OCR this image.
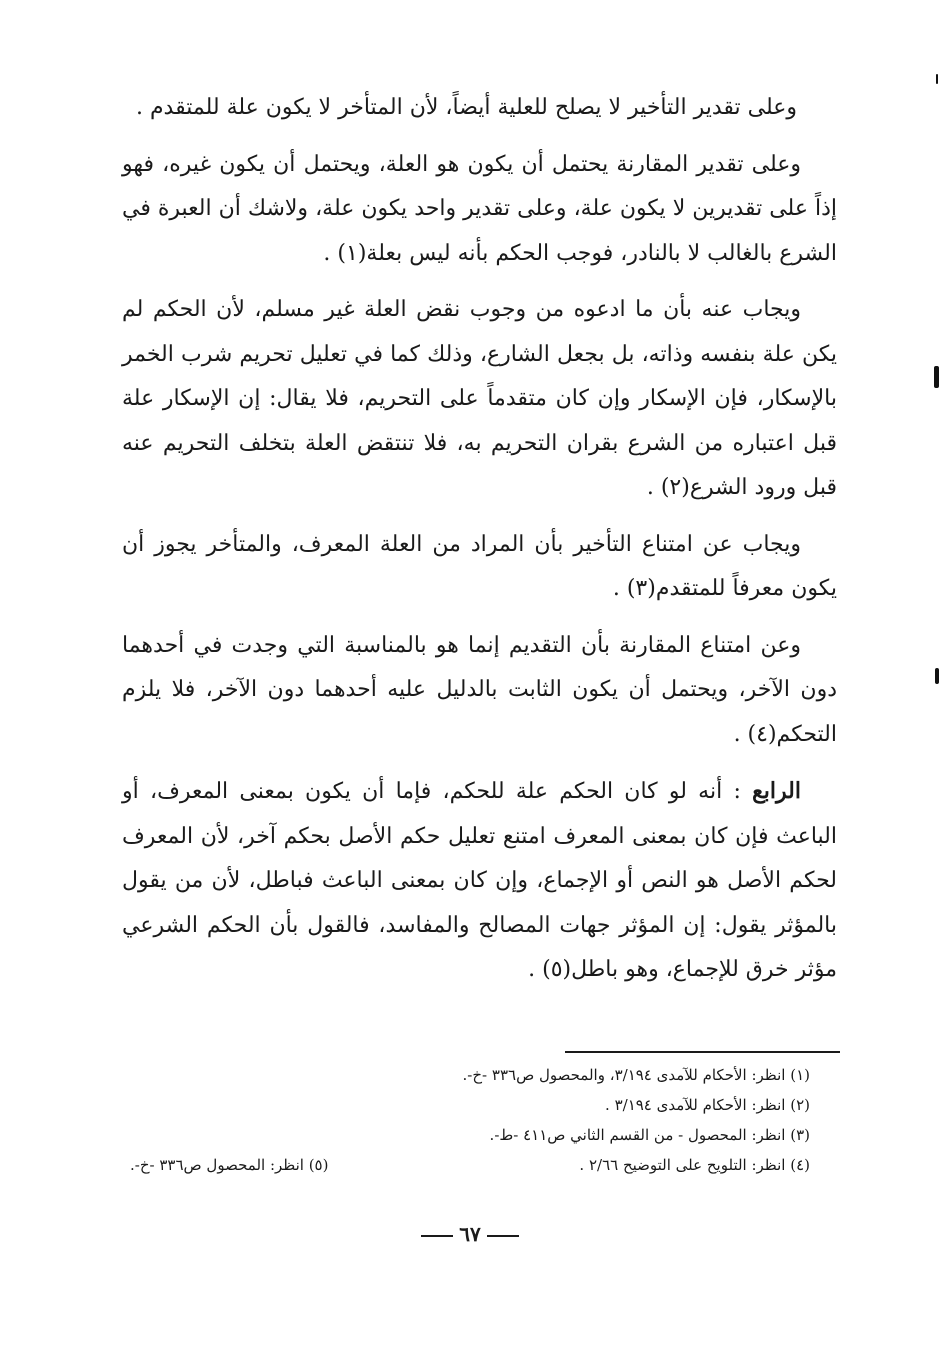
وعلى تقدير التأخير لا يصلح للعلية أيضاً، لأن المتأخر لا يكون علة للمتقدم .

وعلى تقدير المقارنة يحتمل أن يكون هو العلة، ويحتمل أن يكون غيره، فهو إذاً على تقديرين لا يكون علة، وعلى تقدير واحد يكون علة، ولاشك أن العبرة في الشرع بالغالب لا بالنادر، فوجب الحكم بأنه ليس بعلة(١) .

ويجاب عنه بأن ما ادعوه من وجوب نقض العلة غير مسلم، لأن الحكم لم يكن علة بنفسه وذاته، بل بجعل الشارع، وذلك كما في تعليل تحريم شرب الخمر بالإسكار، فإن الإسكار وإن كان متقدماً على التحريم، فلا يقال: إن الإسكار علة قبل اعتباره من الشرع بقران التحريم به، فلا تنتقض العلة بتخلف التحريم عنه قبل ورود الشرع(٢) .

ويجاب عن امتناع التأخير بأن المراد من العلة المعرف، والمتأخر يجوز أن يكون معرفاً للمتقدم(٣) .

وعن امتناع المقارنة بأن التقديم إنما هو بالمناسبة التي وجدت في أحدهما دون الآخر، ويحتمل أن يكون الثابت بالدليل عليه أحدهما دون الآخر، فلا يلزم التحكم(٤) .

الرابع : أنه لو كان الحكم علة للحكم، فإما أن يكون بمعنى المعرف، أو الباعث فإن كان بمعنى المعرف امتنع تعليل حكم الأصل بحكم آخر، لأن المعرف لحكم الأصل هو النص أو الإجماع، وإن كان بمعنى الباعث فباطل، لأن من يقول بالمؤثر يقول: إن المؤثر جهات المصالح والمفاسد، فالقول بأن الحكم الشرعي مؤثر خرق للإجماع، وهو باطل(٥) .

(١) انظر: الأحكام للآمدى ٣/١٩٤، والمحصول ص٣٣٦ -خ-.
(٢) انظر: الأحكام للآمدى ٣/١٩٤ .
(٣) انظر: المحصول - من القسم الثاني ص٤١١ -ط-.
(٤) انظر: التلويح على التوضيح ٢/٦٦ .
(٥) انظر: المحصول ص٣٣٦ -خ-.
٦٧
